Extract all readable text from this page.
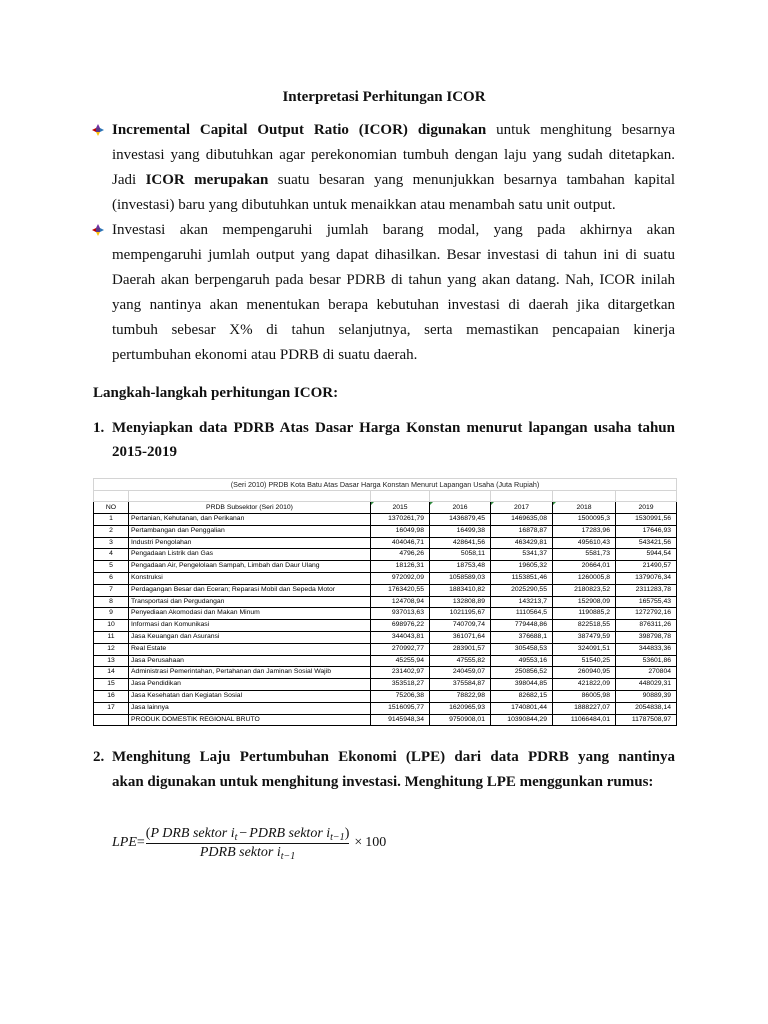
Interpretasi Perhitungan ICOR
Incremental Capital Output Ratio (ICOR) digunakan untuk menghitung besarnya
investasi yang dibutuhkan agar perekonomian tumbuh dengan laju yang sudah ditetapkan.
Jadi ICOR merupakan suatu besaran yang menunjukkan besarnya tambahan kapital
(investasi) baru yang dibutuhkan untuk menaikkan atau menambah satu unit output.
Investasi akan mempengaruhi jumlah barang modal, yang pada akhirnya akan
mempengaruhi jumlah output yang dapat dihasilkan. Besar investasi di tahun ini di suatu
Daerah akan berpengaruh pada besar PDRB di tahun yang akan datang. Nah, ICOR inilah
yang nantinya akan menentukan berapa kebutuhan investasi di daerah jika ditargetkan
tumbuh sebesar X% di tahun selanjutnya, serta memastikan pencapaian kinerja
pertumbuhan ekonomi atau PDRB di suatu daerah.
Langkah-langkah perhitungan ICOR:
1. Menyiapkan data PDRB Atas Dasar Harga Konstan menurut lapangan usaha tahun
2015-2019
(Seri 2010) PRDB Kota Batu Atas Dasar Harga Konstan Menurut Lapangan Usaha (Juta Rupiah)						

NO	PRDB Subsektor (Seri 2010)	2015	2016	2017	2018	2019
1	Pertanian, Kehutanan, dan Perikanan	1370261,79	1436879,45	1469635,08	1500095,3	1530991,56
2	Pertambangan dan Penggalian	16049,98	16499,38	16878,87	17283,96	17646,93
3	Industri Pengolahan	404046,71	428641,56	463429,81	495610,43	543421,56
4	Pengadaan Listrik dan Gas	4796,26	5058,11	5341,37	5581,73	5944,54
5	Pengadaan Air, Pengelolaan Sampah, Limbah dan Daur Ulang	18126,31	18753,48	19605,32	20664,01	21490,57
6	Konstruksi	972092,09	1058589,03	1153851,46	1260005,8	1379076,34
7	Perdagangan Besar dan Eceran; Reparasi Mobil dan Sepeda Motor	1763420,55	1883410,82	2025290,55	2180823,52	2311283,78
8	Transportasi dan Pergudangan	124708,94	132808,89	143213,7	152908,09	165755,43
9	Penyediaan Akomodasi dan Makan Minum	937013,63	1021195,67	1110564,5	1190885,2	1272792,16
10	Informasi dan Komunikasi	698976,22	740709,74	779448,86	822518,55	876311,26
11	Jasa Keuangan dan Asuransi	344043,81	361071,64	376688,1	387479,59	398798,78
12	Real Estate	270992,77	283901,57	305458,53	324091,51	344833,36
13	Jasa Perusahaan	45255,94	47555,82	49553,16	51540,25	53601,86
14	Administrasi Pemerintahan, Pertahanan dan Jaminan Sosial Wajib	231402,97	240459,07	250856,52	260940,95	270804
15	Jasa Pendidikan	353518,27	375584,87	398044,85	421822,09	448029,31
16	Jasa Kesehatan dan Kegiatan Sosial	75206,38	78822,98	82682,15	86005,98	90889,39
17	Jasa lainnya	1516095,77	1620965,93	1740801,44	1888227,07	2054838,14
	PRODUK DOMESTIK REGIONAL BRUTO	9145948,34	9750908,01	10390844,29	11066484,01	11787508,97
2. Menghitung Laju Pertumbuhan Ekonomi (LPE) dari data PDRB yang nantinya
akan digunakan untuk menghitung investasi. Menghitung LPE menggunkan rumus:
LPE = $\frac{(P DRB sektor i_t - PDRB sektor i_{t-1})}{PDRB sektor i_{t-1}} \times 100$
